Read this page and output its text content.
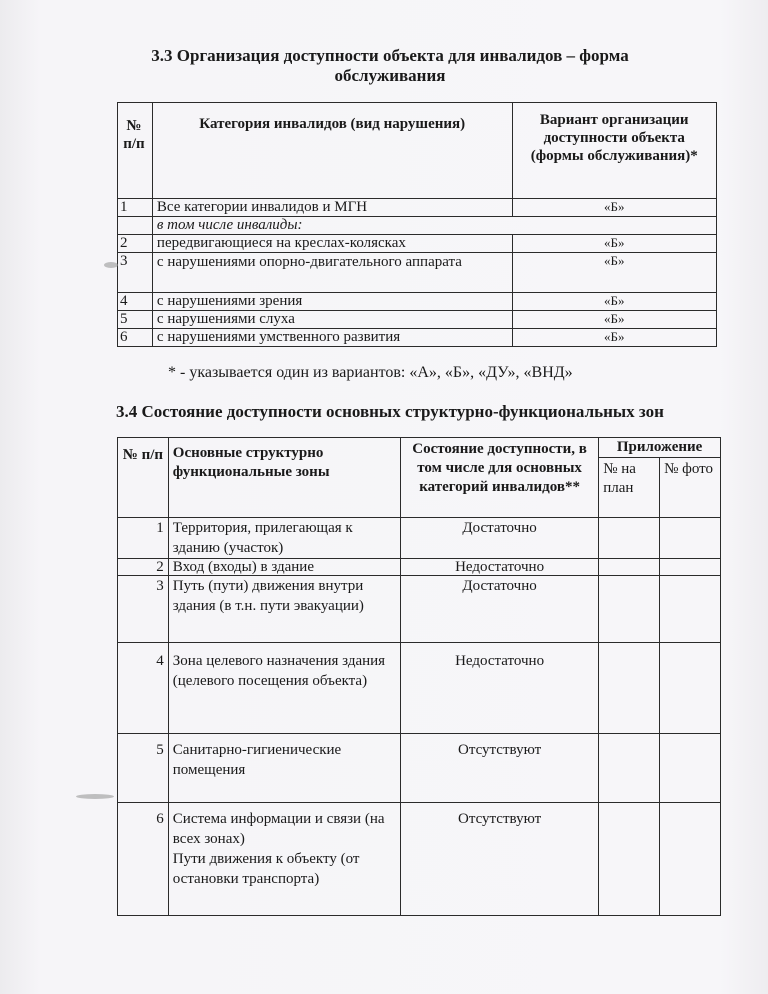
3.3 Организация доступности объекта для инвалидов – форма
обслуживания
№ п/п	Категория инвалидов (вид нарушения)	Вариант организации доступности объекта (формы обслуживания)*
1	Все категории инвалидов и МГН	«Б»
	в том числе инвалиды:	
2	передвигающиеся на креслах-колясках	«Б»
3	с нарушениями опорно-двигательного аппарата	«Б»
4	с нарушениями зрения	«Б»
5	с нарушениями слуха	«Б»
6	с нарушениями умственного развития	«Б»
* - указывается один из вариантов: «А», «Б», «ДУ», «ВНД»
3.4 Состояние доступности основных структурно-функциональных зон
№ п/п	Основные структурно функциональные зоны	Состояние доступности, в том числе для основных категорий инвалидов**	Приложение	
			№ на план	№ фото
1	Территория, прилегающая к зданию (участок)	Достаточно		
2	Вход (входы) в здание	Недостаточно		
3	Путь (пути) движения внутри здания (в т.н. пути эвакуации)	Достаточно		
4	Зона целевого назначения здания (целевого посещения объекта)	Недостаточно		
5	Санитарно-гигиенические помещения	Отсутствуют		
6	Система информации и связи (на всех зонах)
Пути движения к объекту (от остановки транспорта)	Отсутствуют		
